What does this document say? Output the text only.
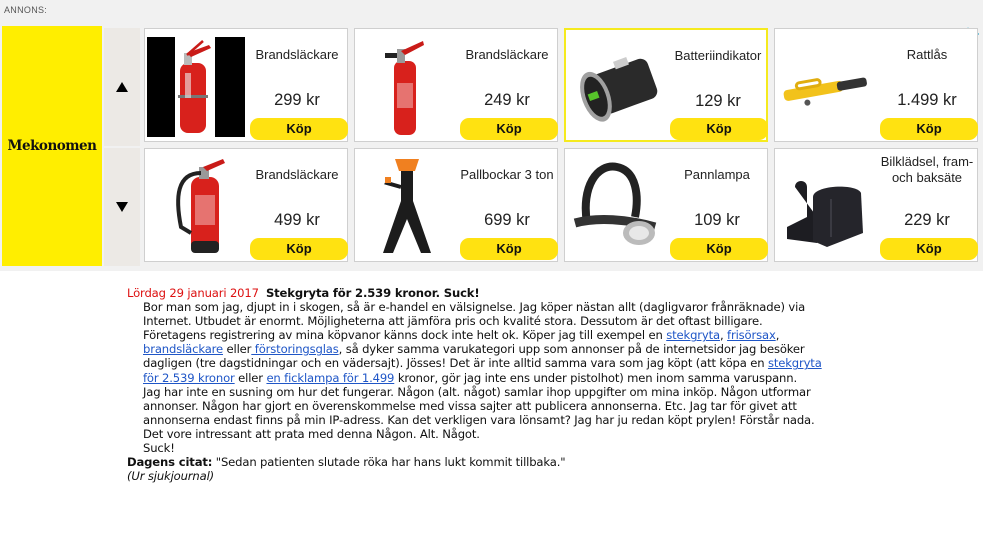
ANNONS:
Mekonomen
Brandsläckare
299 kr
Köp
Brandsläckare
249 kr
Köp
Batteriindikator
129 kr
Köp
Rattlås
1.499 kr
Köp
Brandsläckare
499 kr
Köp
Pallbockar 3 ton
699 kr
Köp
Pannlampa
109 kr
Köp
Bilklädsel, fram- och baksäte
229 kr
Köp

Lördag 29 januari 2017 Stekgryta för 2.539 kronor. Suck!

Bor man som jag, djupt in i skogen, så är e-handel en välsignelse. Jag köper nästan allt (dagligvaror frånräknade) via Internet. Utbudet är enormt. Möjligheterna att jämföra pris och kvalité stora. Dessutom är det oftast billigare.

Företagens registrering av mina köpvanor känns dock inte helt ok. Köper jag till exempel en stekgryta, frisörsax, brandsläckare eller förstoringsglas, så dyker samma varukategori upp som annonser på de internetsidor jag besöker dagligen (tre dagstidningar och en vädersajt). Jösses! Det är inte alltid samma vara som jag köpt (att köpa en stekgryta för 2.539 kronor eller en ficklampa för 1.499 kronor, gör jag inte ens under pistolhot) men inom samma varuspann.

Jag har inte en susning om hur det fungerar. Någon (alt. något) samlar ihop uppgifter om mina inköp. Någon utformar annonser. Någon har gjort en överenskommelse med vissa sajter att publicera annonserna. Etc. Jag tar för givet att annonserna endast finns på min IP-adress. Kan det verkligen vara lönsamt? Jag har ju redan köpt prylen! Förstår nada.

Det vore intressant att prata med denna Någon. Alt. Något.

Suck!

Dagens citat: "Sedan patienten slutade röka har hans lukt kommit tillbaka."

(Ur sjukjournal)
